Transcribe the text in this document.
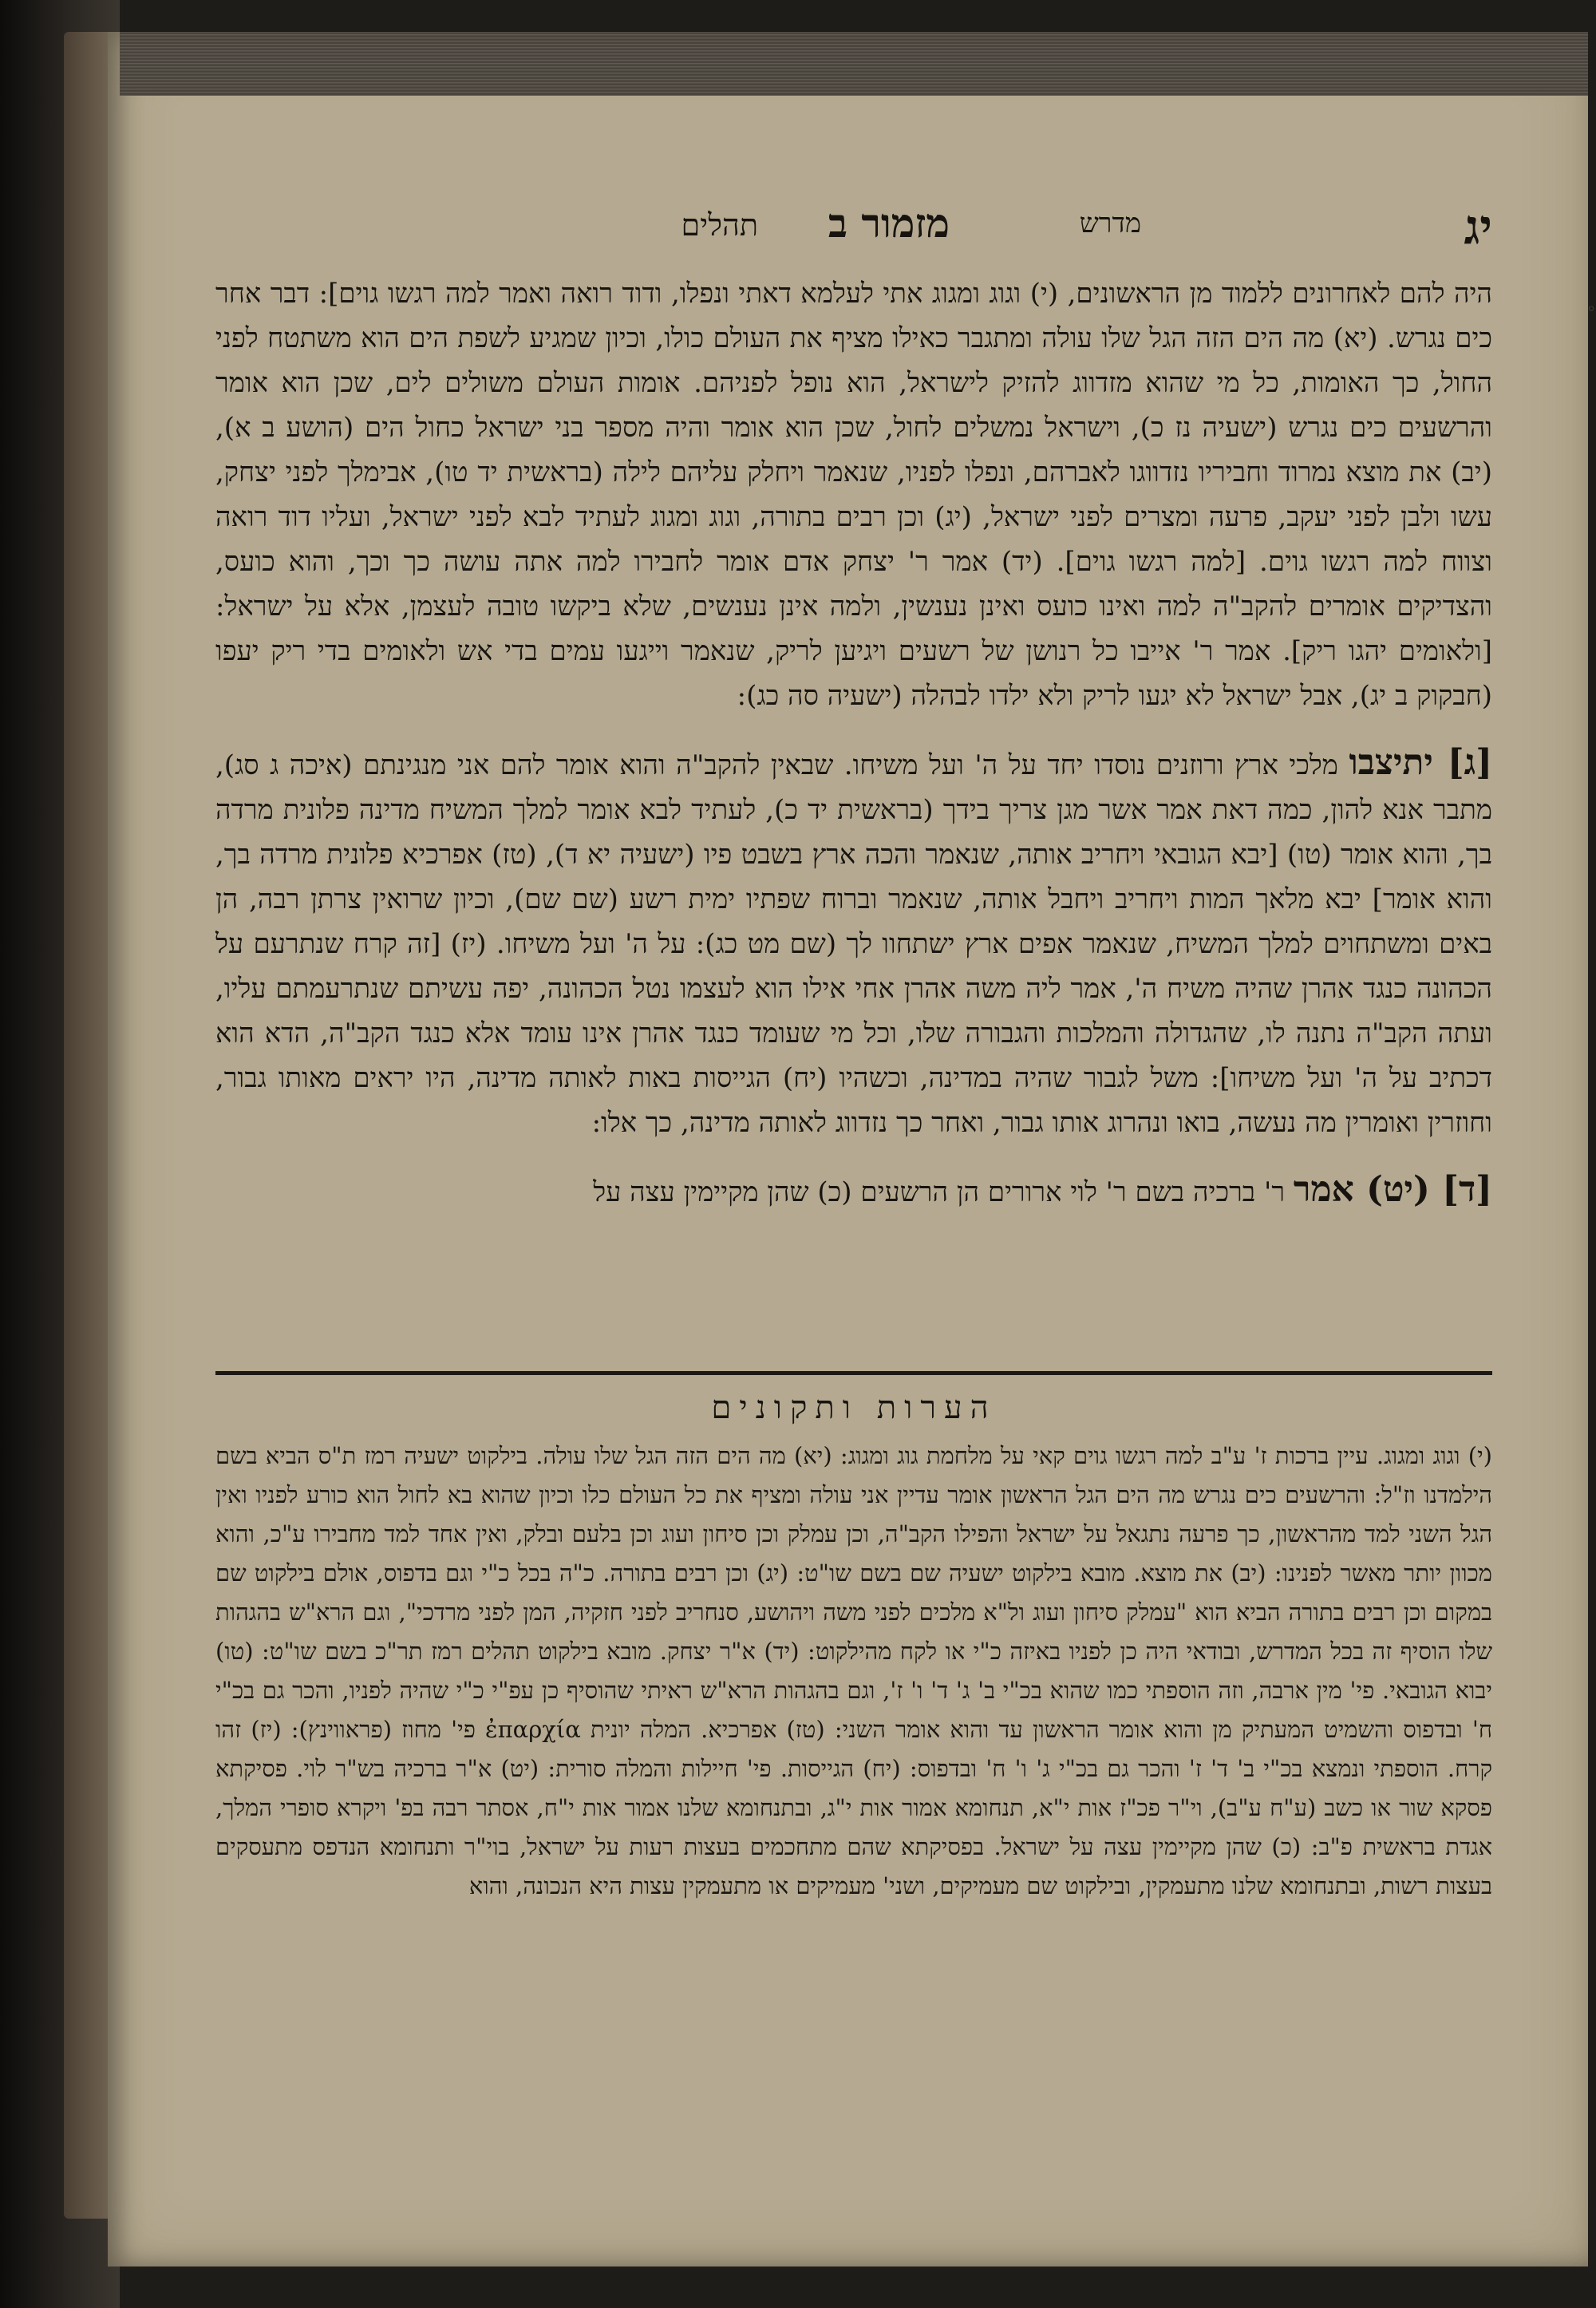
◦
יג
מדרש
מזמור ב
תהלים

היה להם לאחרונים ללמוד מן הראשונים, (י) וגוג ומגוג אתי לעלמא דאתי ונפלו, ודוד רואה ואמר למה רגשו גוים]: דבר אחר כים נגרש. (יא) מה הים הזה הגל שלו עולה ומתגבר כאילו מציף את העולם כולו, וכיון שמגיע לשפת הים הוא משתטח לפני החול, כך האומות, כל מי שהוא מזדווג להזיק לישראל, הוא נופל לפניהם. אומות העולם משולים לים, שכן הוא אומר והרשעים כים נגרש (ישעיה נז כ), וישראל נמשלים לחול, שכן הוא אומר והיה מספר בני ישראל כחול הים (הושע ב א), (יב) את מוצא נמרוד וחביריו נזדווגו לאברהם, ונפלו לפניו, שנאמר ויחלק עליהם לילה (בראשית יד טו), אבימלך לפני יצחק, עשו ולבן לפני יעקב, פרעה ומצרים לפני ישראל, (יג) וכן רבים בתורה, וגוג ומגוג לעתיד לבא לפני ישראל, ועליו דוד רואה וצווח למה רגשו גוים. [למה רגשו גוים]. (יד) אמר ר' יצחק אדם אומר לחבירו למה אתה עושה כך וכך, והוא כועס, והצדיקים אומרים להקב"ה למה ואינו כועס ואינן נענשין, ולמה אינן נענשים, שלא ביקשו טובה לעצמן, אלא על ישראל: [ולאומים יהגו ריק]. אמר ר' אייבו כל רנושן של רשעים ויגיען לריק, שנאמר וייגעו עמים בדי אש ולאומים בדי ריק יעפו (חבקוק ב יג), אבל ישראל לא יגעו לריק ולא ילדו לבהלה (ישעיה סה כג):

[ג] יתיצבו מלכי ארץ ורוזנים נוסדו יחד על ה' ועל משיחו. שבאין להקב"ה והוא אומר להם אני מנגינתם (איכה ג סג), מתבר אנא להון, כמה דאת אמר אשר מגן צריך בידך (בראשית יד כ), לעתיד לבא אומר למלך המשיח מדינה פלונית מרדה בך, והוא אומר (טו) [יבא הגובאי ויחריב אותה, שנאמר והכה ארץ בשבט פיו (ישעיה יא ד), (טז) אפרכיא פלונית מרדה בך, והוא אומר] יבא מלאך המות ויחריב ויחבל אותה, שנאמר וברוח שפתיו ימית רשע (שם שם), וכיון שרואין צרתן רבה, הן באים ומשתחוים למלך המשיח, שנאמר אפים ארץ ישתחוו לך (שם מט כג): על ה' ועל משיחו. (יז) [זה קרח שנתרעם על הכהונה כנגד אהרן שהיה משיח ה', אמר ליה משה אהרן אחי אילו הוא לעצמו נטל הכהונה, יפה עשיתם שנתרעמתם עליו, ועתה הקב"ה נתנה לו, שהגדולה והמלכות והגבורה שלו, וכל מי שעומד כנגד אהרן אינו עומד אלא כנגד הקב"ה, הדא הוא דכתיב על ה' ועל משיחו]: משל לגבור שהיה במדינה, וכשהיו (יח) הגייסות באות לאותה מדינה, היו יראים מאותו גבור, וחוזרין ואומרין מה נעשה, בואו ונהרוג אותו גבור, ואחר כך נזדווג לאותה מדינה, כך אלו:

[ד] (יט) אמר ר' ברכיה בשם ר' לוי ארורים הן הרשעים (כ) שהן מקיימין עצה על

הערות ותקונים
(י) וגוג ומגוג. עיין ברכות ז' ע"ב למה רגשו גוים קאי על מלחמת גוג ומגוג: (יא) מה הים הזה הגל שלו עולה. בילקוט ישעיה רמז ת"ס הביא בשם הילמדנו וז"ל: והרשעים כים נגרש מה הים הגל הראשון אומר עדיין אני עולה ומציף את כל העולם כלו וכיון שהוא בא לחול הוא כורע לפניו ואין הגל השני למד מהראשון, כך פרעה נתגאל על ישראל והפילו הקב"ה, וכן עמלק וכן סיחון ועוג וכן בלעם ובלק, ואין אחד למד מחבירו ע"כ, והוא מכוון יותר מאשר לפנינו: (יב) את מוצא. מובא בילקוט ישעיה שם בשם שו"ט: (יג) וכן רבים בתורה. כ"ה בכל כ"י וגם בדפוס, אולם בילקוט שם במקום וכן רבים בתורה הביא הוא "עמלק סיחון ועוג ול"א מלכים לפני משה ויהושע, סנחריב לפני חזקיה, המן לפני מרדכי", וגם הרא"ש בהגהות שלו הוסיף זה בכל המדרש, ובודאי היה כן לפניו באיזה כ"י או לקח מהילקוט: (יד) א"ר יצחק. מובא בילקוט תהלים רמז תר"כ בשם שו"ט: (טו) יבוא הגובאי. פי' מין ארבה, וזה הוספתי כמו שהוא בכ"י ב' ג' ד' ו' ז', וגם בהגהות הרא"ש ראיתי שהוסיף כן עפ"י כ"י שהיה לפניו, והכר גם בכ"י ח' ובדפוס והשמיט המעתיק מן והוא אומר הראשון עד והוא אומר השני: (טז) אפרכיא. המלה יונית ἐπαρχία פי' מחוז (פראווינץ): (יז) זהו קרח. הוספתי ונמצא בכ"י ב' ד' ז' והכר גם בכ"י ג' ו' ח' ובדפוס: (יח) הגייסות. פי' חיילות והמלה סורית: (יט) א"ר ברכיה בש"ר לוי. פסיקתא פסקא שור או כשב (ע"ח ע"ב), וי"ר פכ"ז אות י"א, תנחומא אמור אות י"ג, ובתנחומא שלנו אמור אות י"ח, אסתר רבה בפ' ויקרא סופרי המלך, אגדת בראשית פ"ב: (כ) שהן מקיימין עצה על ישראל. בפסיקתא שהם מתחכמים בעצות רעות על ישראל, בוי"ר ותנחומא הנדפס מתעסקים בעצות רשות, ובתנחומא שלנו מתעמקין, ובילקוט שם מעמיקים, ושני' מעמיקים או מתעמקין עצות היא הנכונה, והוא
